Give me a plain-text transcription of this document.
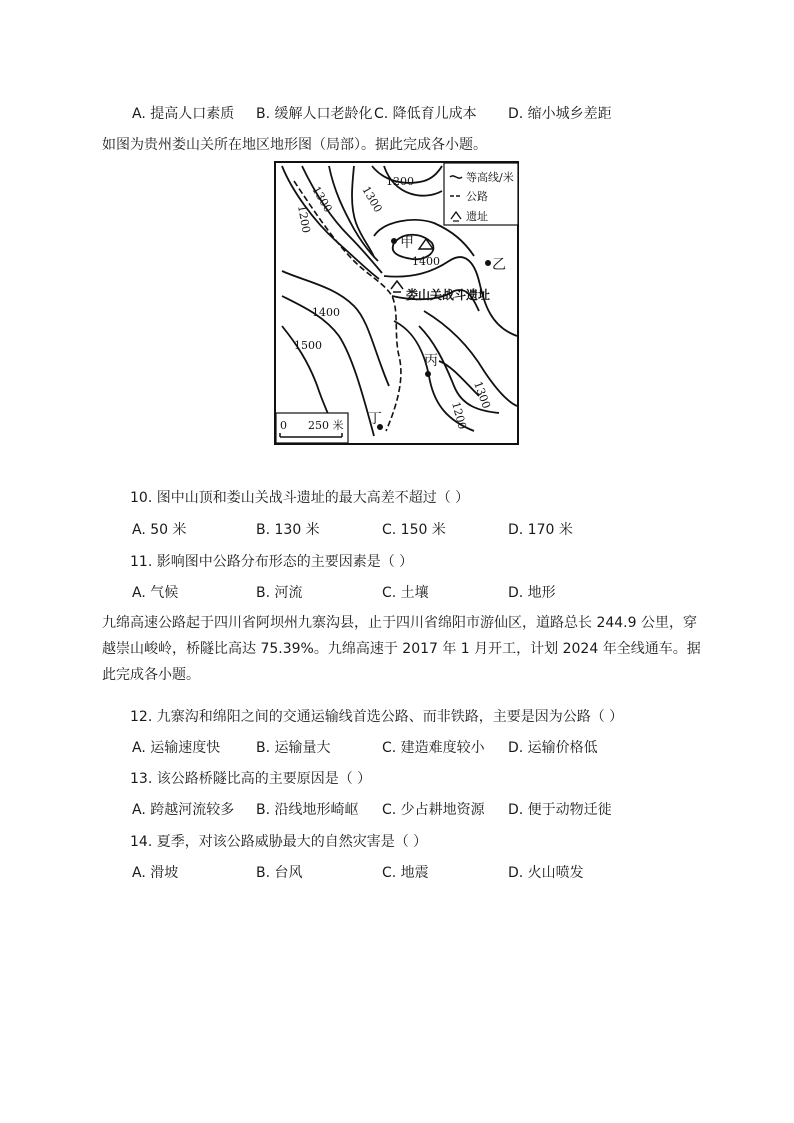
A. 提高人口素质 B. 缓解人口老龄化 C. 降低育儿成本 D. 缩小城乡差距
如图为贵州娄山关所在地区地形图（局部）。据此完成各小题。
1200
1300
1200
1300
1400
1400
1500
1300
1200
甲
乙
丙
丁
娄山关战斗遗址
等高线/米
公路
遗址
0 250 米
10. 图中山顶和娄山关战斗遗址的最大高差不超过（ ）
A. 50 米	B. 130 米	C. 150 米	D. 170 米
11. 影响图中公路分布形态的主要因素是（ ）
A. 气候	B. 河流	C. 土壤	D. 地形
九绵高速公路起于四川省阿坝州九寨沟县，止于四川省绵阳市游仙区，道路总长 244.9 公里，穿越崇山峻岭，桥隧比高达 75.39%。九绵高速于 2017 年 1 月开工，计划 2024 年全线通车。据此完成各小题。
12. 九寨沟和绵阳之间的交通运输线首选公路、而非铁路，主要是因为公路（ ）
A. 运输速度快	B. 运输量大	C. 建造难度较小 D. 运输价格低
13. 该公路桥隧比高的主要原因是（ ）
A. 跨越河流较多 B. 沿线地形崎岖 C. 少占耕地资源 D. 便于动物迁徙
14. 夏季，对该公路威胁最大的自然灾害是（ ）
A. 滑坡	B. 台风	C. 地震	D. 火山喷发
